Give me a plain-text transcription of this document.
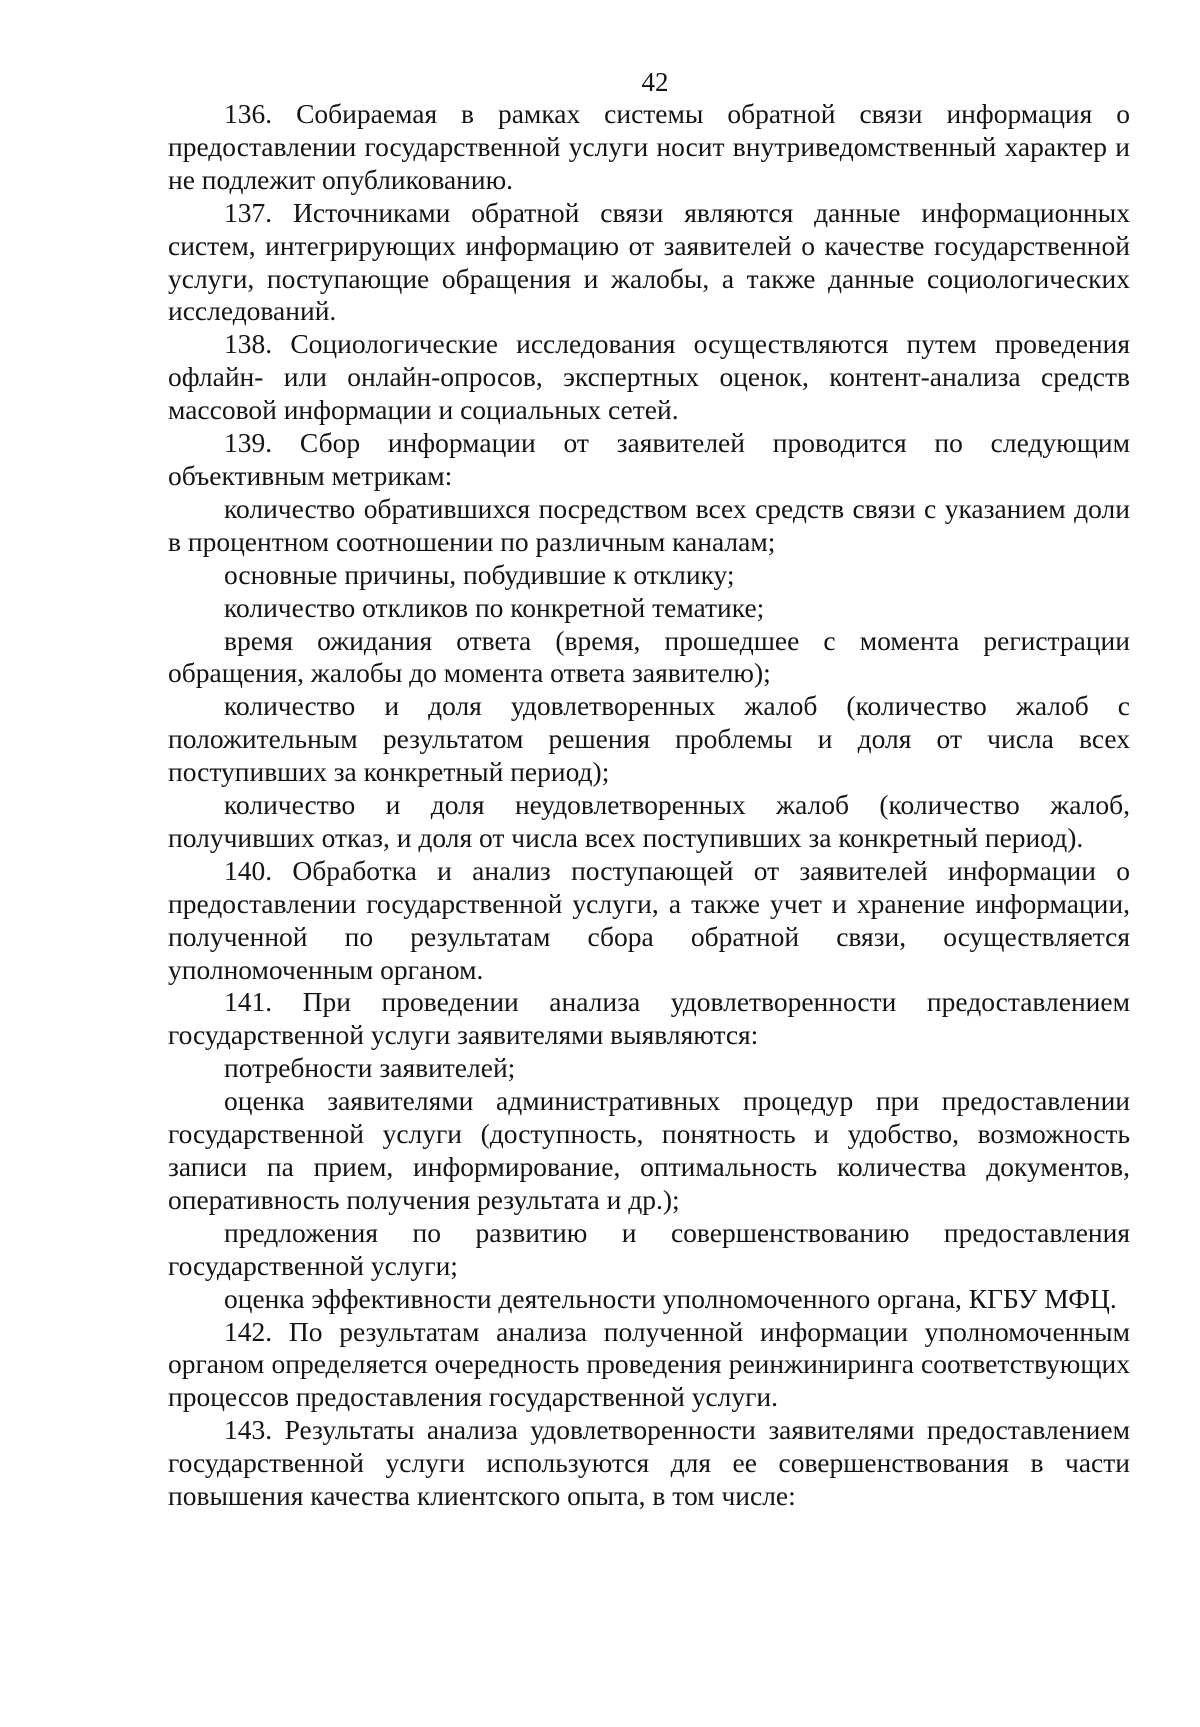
42

136. Собираемая в рамках системы обратной связи информация о предоставлении государственной услуги носит внутриведомственный характер и не подлежит опубликованию.

137. Источниками обратной связи являются данные информационных систем, интегрирующих информацию от заявителей о качестве государственной услуги, поступающие обращения и жалобы, а также данные социологических исследований.

138. Социологические исследования осуществляются путем проведения офлайн- или онлайн-опросов, экспертных оценок, контент-анализа средств массовой информации и социальных сетей.

139. Сбор информации от заявителей проводится по следующим объективным метрикам:

количество обратившихся посредством всех средств связи с указанием доли в процентном соотношении по различным каналам;

основные причины, побудившие к отклику;

количество откликов по конкретной тематике;

время ожидания ответа (время, прошедшее с момента регистрации обращения, жалобы до момента ответа заявителю);

количество и доля удовлетворенных жалоб (количество жалоб с положительным результатом решения проблемы и доля от числа всех поступивших за конкретный период);

количество и доля неудовлетворенных жалоб (количество жалоб, получивших отказ, и доля от числа всех поступивших за конкретный период).

140. Обработка и анализ поступающей от заявителей информации о предоставлении государственной услуги, а также учет и хранение информации, полученной по результатам сбора обратной связи, осуществляется уполномоченным органом.

141. При проведении анализа удовлетворенности предоставлением государственной услуги заявителями выявляются:

потребности заявителей;

оценка заявителями административных процедур при предоставлении государственной услуги (доступность, понятность и удобство, возможность записи па прием, информирование, оптимальность количества документов, оперативность получения результата и др.);

предложения по развитию и совершенствованию предоставления государственной услуги;

оценка эффективности деятельности уполномоченного органа, КГБУ МФЦ.

142. По результатам анализа полученной информации уполномоченным органом определяется очередность проведения реинжиниринга соответствующих процессов предоставления государственной услуги.

143. Результаты анализа удовлетворенности заявителями предоставлением государственной услуги используются для ее совершенствования в части повышения качества клиентского опыта, в том числе:
